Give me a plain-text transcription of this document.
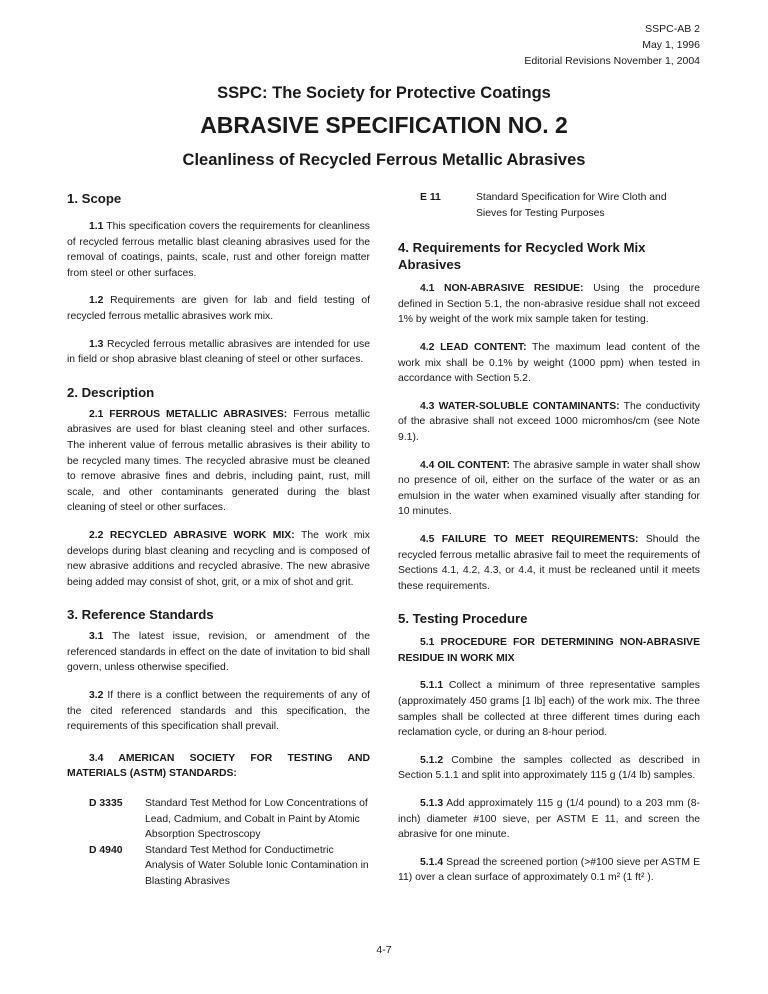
SSPC-AB 2
May 1, 1996
Editorial Revisions November 1, 2004
SSPC: The Society for Protective Coatings
ABRASIVE SPECIFICATION NO. 2
Cleanliness of Recycled Ferrous Metallic Abrasives
1. Scope

1.1 This specification covers the requirements for cleanliness of recycled ferrous metallic blast cleaning abrasives used for the removal of coatings, paints, scale, rust and other foreign matter from steel or other surfaces.

1.2 Requirements are given for lab and field testing of recycled ferrous metallic abrasives work mix.

1.3 Recycled ferrous metallic abrasives are intended for use in field or shop abrasive blast cleaning of steel or other surfaces.

2. Description

2.1 FERROUS METALLIC ABRASIVES: Ferrous metallic abrasives are used for blast cleaning steel and other surfaces. The inherent value of ferrous metallic abrasives is their ability to be recycled many times. The recycled abrasive must be cleaned to remove abrasive fines and debris, including paint, rust, mill scale, and other contaminants generated during the blast cleaning of steel or other surfaces.

2.2 RECYCLED ABRASIVE WORK MIX: The work mix develops during blast cleaning and recycling and is composed of new abrasive additions and recycled abrasive. The new abrasive being added may consist of shot, grit, or a mix of shot and grit.

3. Reference Standards

3.1 The latest issue, revision, or amendment of the referenced standards in effect on the date of invitation to bid shall govern, unless otherwise specified.

3.2 If there is a conflict between the requirements of any of the cited referenced standards and this specification, the requirements of this specification shall prevail.

3.4 AMERICAN SOCIETY FOR TESTING AND MATERIALS (ASTM) STANDARDS:

D 3335	Standard Test Method for Low Concentrations of Lead, Cadmium, and Cobalt in Paint by Atomic Absorption Spectroscopy
D 4940	Standard Test Method for Conductimetric Analysis of Water Soluble Ionic Contamination in Blasting Abrasives
E 11	Standard Specification for Wire Cloth and Sieves for Testing Purposes
4. Requirements for Recycled Work Mix Abrasives

4.1 NON-ABRASIVE RESIDUE: Using the procedure defined in Section 5.1, the non-abrasive residue shall not exceed 1% by weight of the work mix sample taken for testing.

4.2 LEAD CONTENT: The maximum lead content of the work mix shall be 0.1% by weight (1000 ppm) when tested in accordance with Section 5.2.

4.3 WATER-SOLUBLE CONTAMINANTS: The conductivity of the abrasive shall not exceed 1000 micromhos/cm (see Note 9.1).

4.4 OIL CONTENT: The abrasive sample in water shall show no presence of oil, either on the surface of the water or as an emulsion in the water when examined visually after standing for 10 minutes.

4.5 FAILURE TO MEET REQUIREMENTS: Should the recycled ferrous metallic abrasive fail to meet the requirements of Sections 4.1, 4.2, 4.3, or 4.4, it must be recleaned until it meets these requirements.

5. Testing Procedure

5.1 PROCEDURE FOR DETERMINING NON-ABRASIVE RESIDUE IN WORK MIX

5.1.1 Collect a minimum of three representative samples (approximately 450 grams [1 lb] each) of the work mix. The three samples shall be collected at three different times during each reclamation cycle, or during an 8-hour period.

5.1.2 Combine the samples collected as described in Section 5.1.1 and split into approximately 115 g (1/4 lb) samples.

5.1.3 Add approximately 115 g (1/4 pound) to a 203 mm (8-inch) diameter #100 sieve, per ASTM E 11, and screen the abrasive for one minute.

5.1.4 Spread the screened portion (>#100 sieve per ASTM E 11) over a clean surface of approximately 0.1 m² (1 ft² ).

4-7
